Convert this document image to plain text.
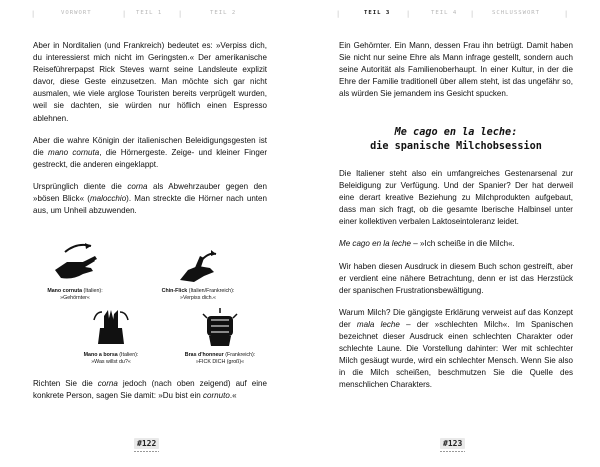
|	VORWORT	| TEIL 1 |	TEIL 2

Aber in Norditalien (und Frankreich) bedeutet es: »Verpiss dich, du interessierst mich nicht im Geringsten.« Der amerikanische Reiseführerpapst Rick Steves warnt seine Landsleute explizit davor, diese Geste einzusetzen. Man möchte sich gar nicht ausmalen, wie viele arglose Touristen bereits verprügelt wurden, weil sie dachten, sie würden nur höflich einen Espresso ablehnen.

Aber die wahre Königin der italienischen Beleidigungsgesten ist die mano cornuta, die Hörnergeste. Zeige- und kleiner Finger gestreckt, die anderen eingeklappt.

Ursprünglich diente die corna als Abwehrzauber gegen den »bösen Blick« (malocchio). Man streckte die Hörner nach unten aus, um Unheil abzuwenden.

Mano cornuta (Italien):
»Gehörnter«
Chin-Flick (Italien/Frankreich):
»Verpiss dich.«
Mano a borsa (Italien):
»Was willst du?«
Bras d'honneur (Frankreich):
»FICK DICH (groß)«

Richten Sie die corna jedoch (nach oben zeigend) auf eine konkrete Person, sagen Sie damit: »Du bist ein cornuto.«

#122
|	TEIL 3 |	TEIL 4 |	SCHLUSSWORT	|

Ein Gehörnter. Ein Mann, dessen Frau ihn betrügt. Damit haben Sie nicht nur seine Ehre als Mann infrage gestellt, sondern auch seine Autorität als Familienoberhaupt. In einer Kultur, in der die Ehre der Familie traditionell über allem steht, ist das ungefähr so, als würden Sie jemandem ins Gesicht spucken.

Me cago en la leche:
die spanische Milchobsession

Die Italiener steht also ein umfangreiches Gestenarsenal zur Beleidigung zur Verfügung. Und der Spanier? Der hat derweil eine derart kreative Beziehung zu Milchprodukten aufgebaut, dass man sich fragt, ob die gesamte Iberische Halbinsel unter einer kollektiven verbalen Laktoseintoleranz leidet.

Me cago en la leche – »Ich scheiße in die Milch«.

Wir haben diesen Ausdruck in diesem Buch schon gestreift, aber er verdient eine nähere Betrachtung, denn er ist das Herzstück der spanischen Frustrationsbewältigung.

Warum Milch? Die gängigste Erklärung verweist auf das Konzept der mala leche – der »schlechten Milch«. Im Spanischen bezeichnet dieser Ausdruck einen schlechten Charakter oder schlechte Laune. Die Vorstellung dahinter: Wer mit schlechter Milch gesäugt wurde, wird ein schlechter Mensch. Wenn Sie also in die Milch scheißen, beschmutzen Sie die Quelle des menschlichen Charakters.

#123
